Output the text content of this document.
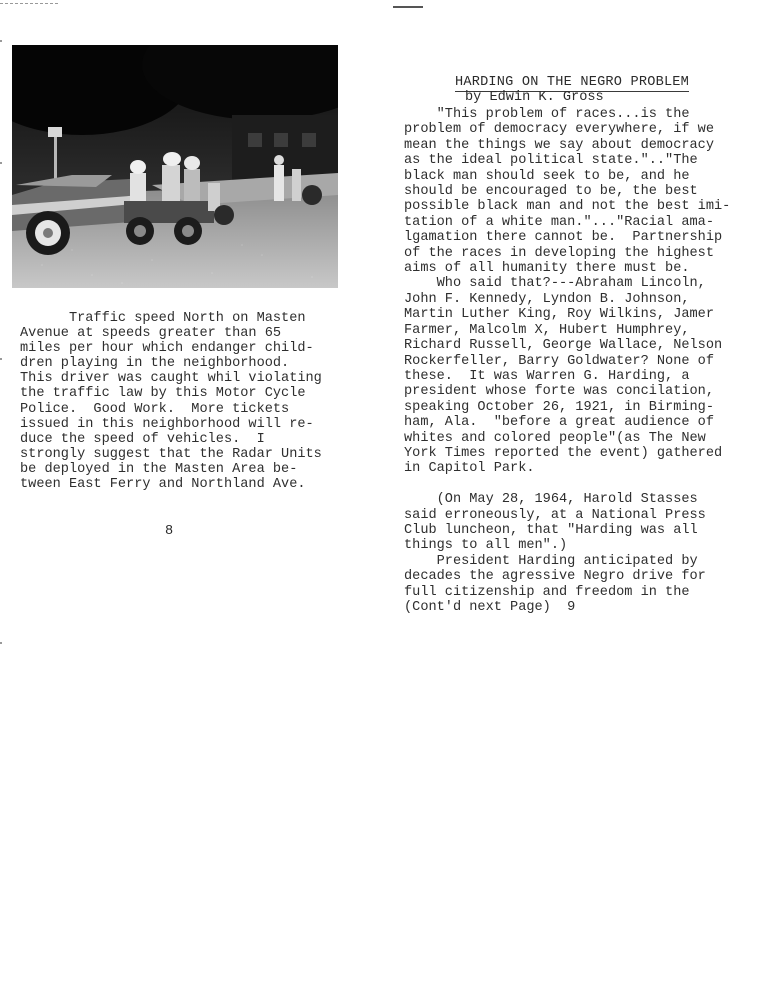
Traffic speed North on Masten
Avenue at speeds greater than 65
miles per hour which endanger child-
dren playing in the neighborhood.
This driver was caught whil violating
the traffic law by this Motor Cycle
Police.  Good Work.  More tickets
issued in this neighborhood will re-
duce the speed of vehicles.  I
strongly suggest that the Radar Units
be deployed in the Masten Area be-
tween East Ferry and Northland Ave.
8
HARDING ON THE NEGRO PROBLEM
by Edwin K. Gross
"This problem of races...is the
problem of democracy everywhere, if we
mean the things we say about democracy
as the ideal political state.".."The
black man should seek to be, and he
should be encouraged to be, the best
possible black man and not the best imi-
tation of a white man."..."Racial ama-
lgamation there cannot be.  Partnership
of the races in developing the highest
aims of all humanity there must be.
Who said that?---Abraham Lincoln,
John F. Kennedy, Lyndon B. Johnson,
Martin Luther King, Roy Wilkins, Jamer
Farmer, Malcolm X, Hubert Humphrey,
Richard Russell, George Wallace, Nelson
Rockerfeller, Barry Goldwater? None of
these.  It was Warren G. Harding, a
president whose forte was concilation,
speaking October 26, 1921, in Birming-
ham, Ala.  "before a great audience of
whites and colored people"(as The New
York Times reported the event) gathered
in Capitol Park.

(On May 28, 1964, Harold Stasses
said erroneously, at a National Press
Club luncheon, that "Harding was all
things to all men".)
President Harding anticipated by
decades the agressive Negro drive for
full citizenship and freedom in the
(Cont'd next Page)  9
